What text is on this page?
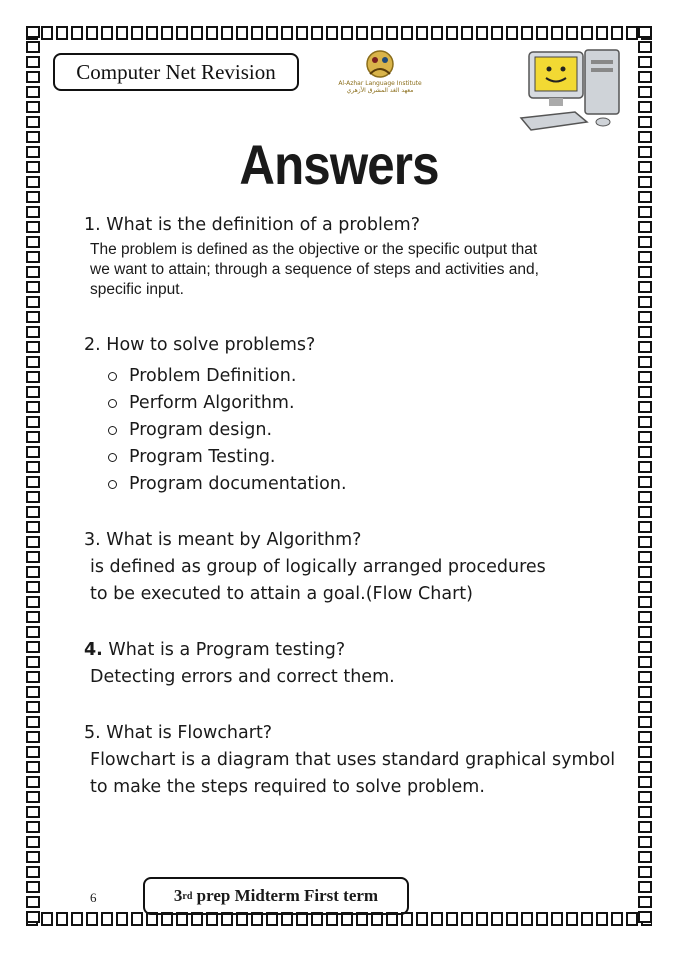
Computer Net Revision	Al-Azhar Language Institute
معهد الغد المشرق الأزهري
Answers

1. What is the definition of a problem?

The problem is defined as the objective or the specific output that
we want to attain; through a sequence of steps and activities and,
specific input.

2. How to solve problems?

Problem Definition.
Perform Algorithm.
Program design.
Program Testing.
Program documentation.

3. What is meant by Algorithm?

is defined as group of logically arranged procedures
to be executed to attain a goal.(Flow Chart)

4. What is a Program testing?

Detecting errors and correct them.

5. What is Flowchart?

Flowchart is a diagram that uses standard graphical symbol
to make the steps required to solve problem.
6	3 rd
prep Midterm First term
